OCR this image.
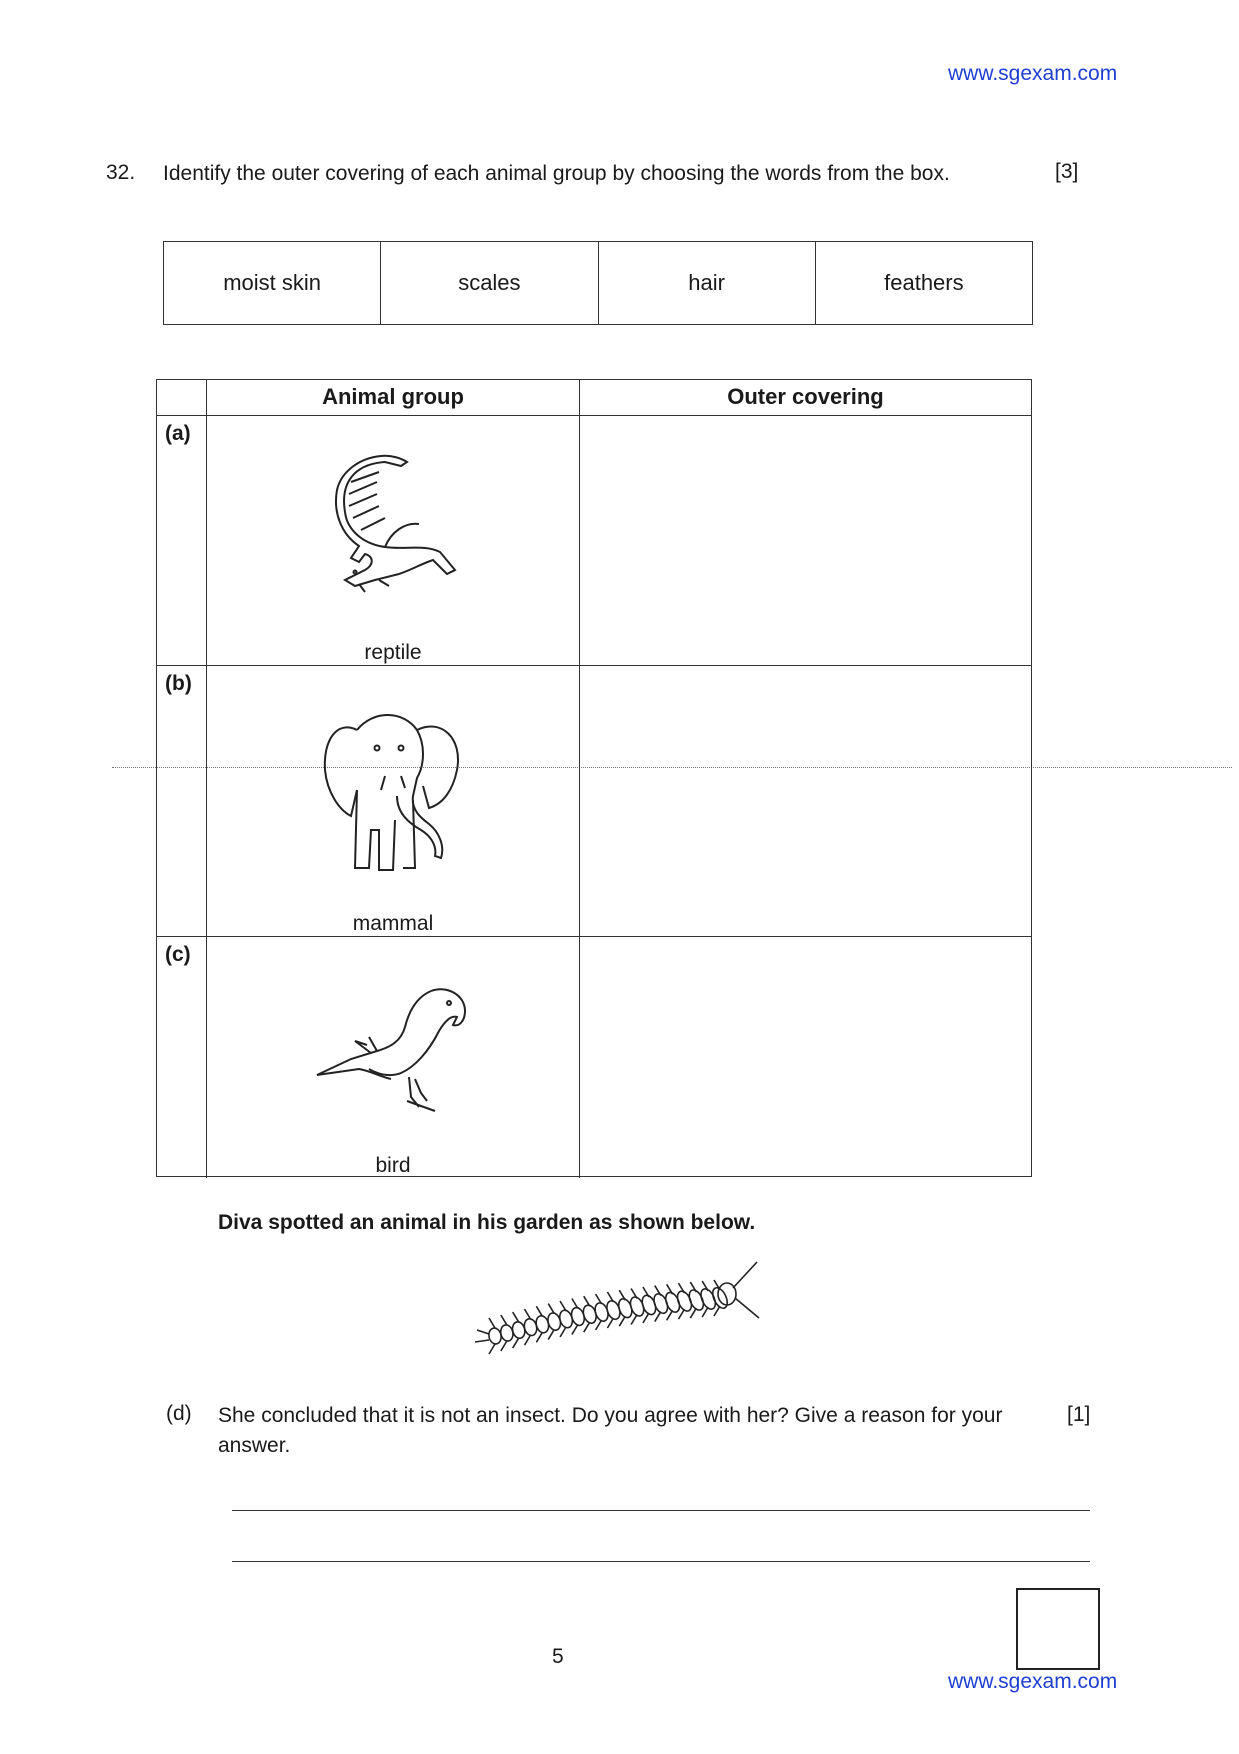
www.sgexam.com
32. Identify the outer covering of each animal group by choosing the words from the box.	[3]
moist skin	scales	hair	feathers
Animal group	Outer covering
(a)
reptile
(b)
mammal
(c)
bird
Diva spotted an animal in his garden as shown below.
(d) She concluded that it is not an insect. Do you agree with her? Give a reason for your answer.
[1]
5
www.sgexam.com
